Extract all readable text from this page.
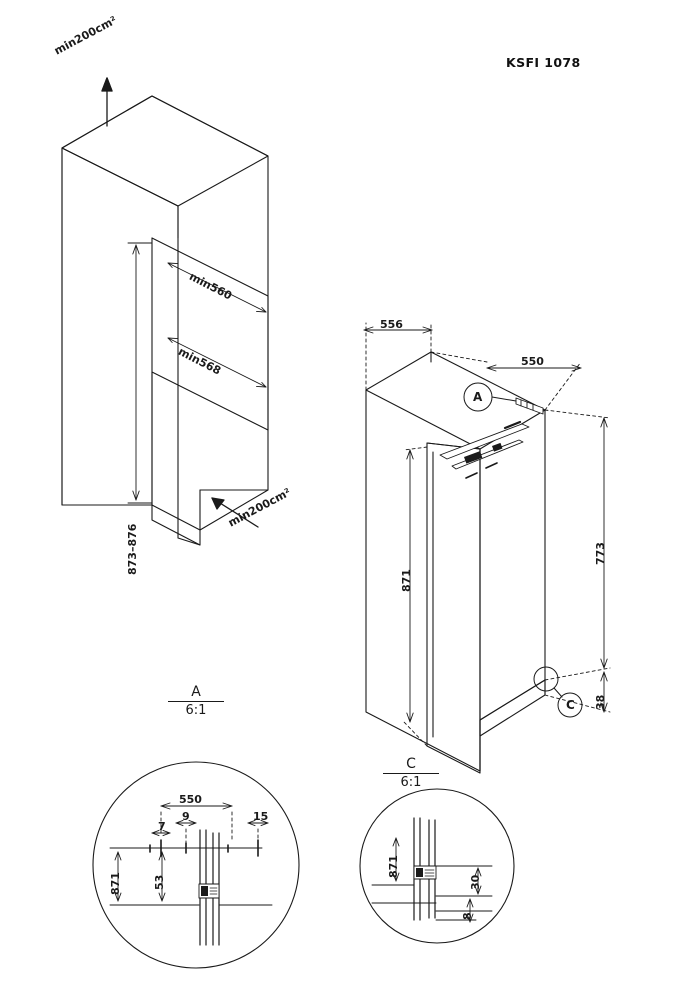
KSFI 1078
min200cm²
min200cm²
873–876
min560
min568
556
550
871
773
38
A
C
A
6:1
550
7
9	15
871	53
C
6:1
871
30
8
